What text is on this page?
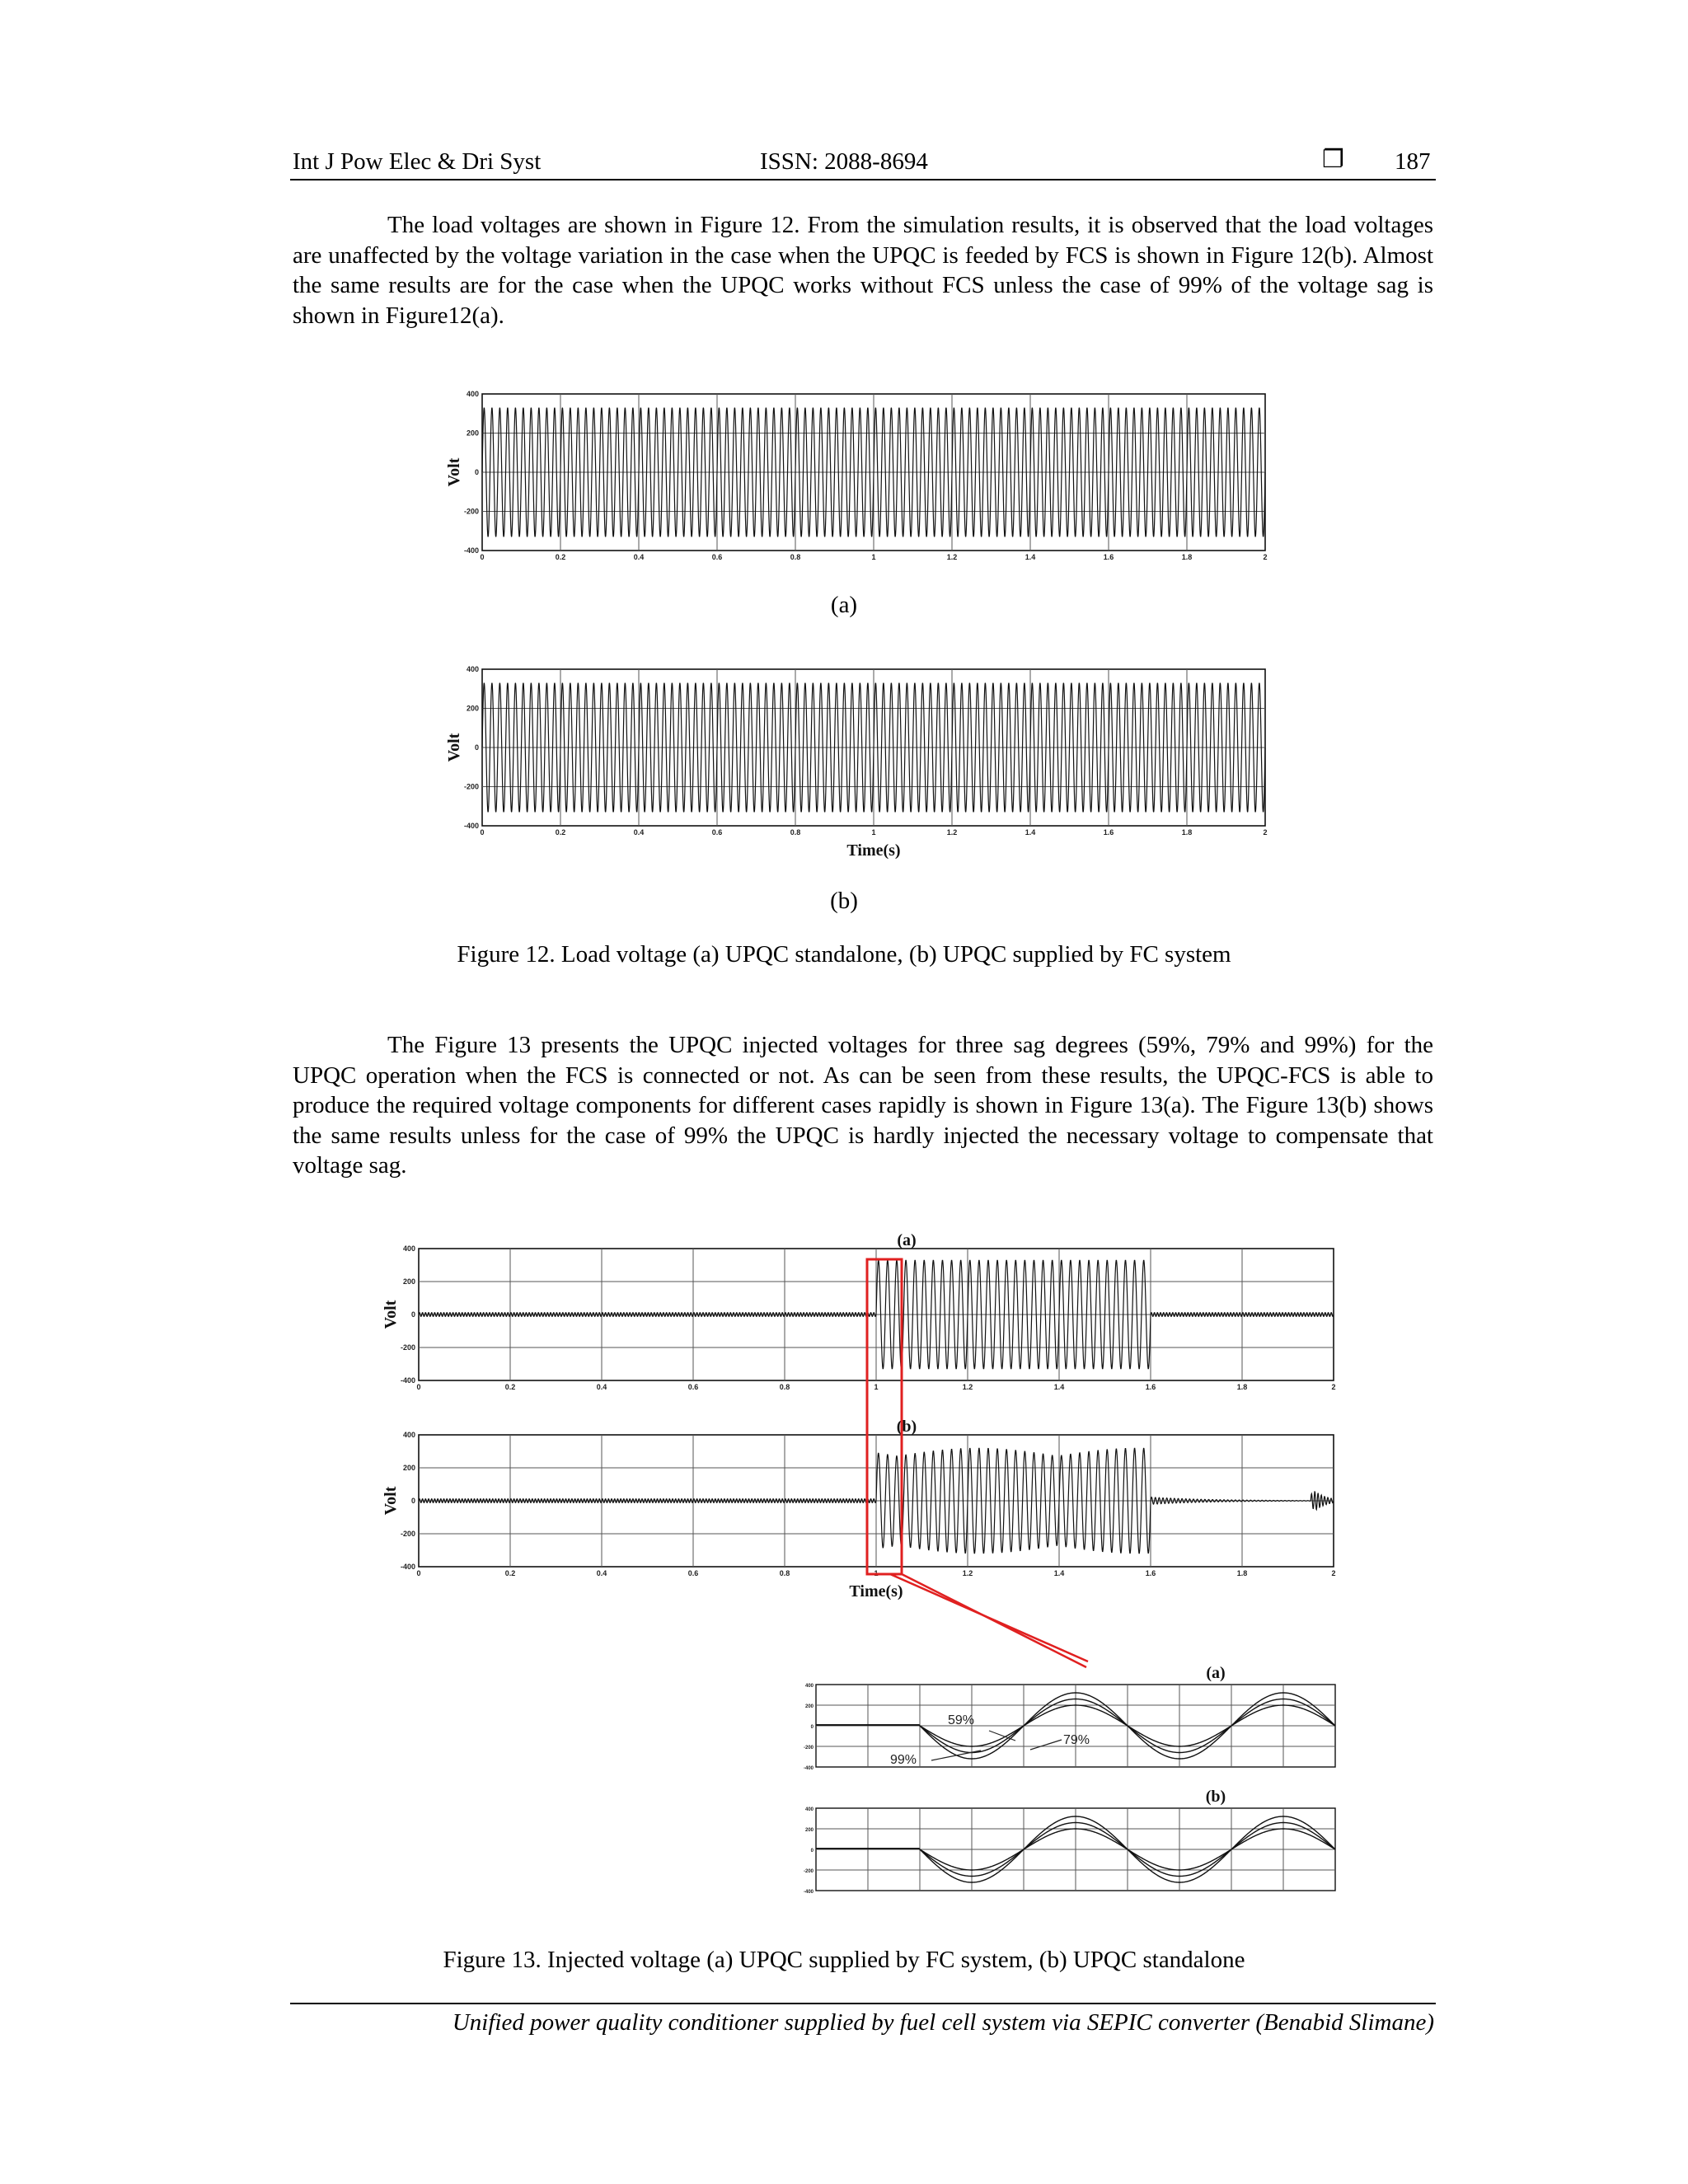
Int J Pow Elec & Dri Syst	ISSN: 2088-8694	❐ 187

The load voltages are shown in Figure 12. From the simulation results, it is observed that the load voltages are unaffected by the voltage variation in the case when the UPQC is feeded by FCS is shown in Figure 12(b). Almost the same results are for the case when the UPQC works without FCS unless the case of 99% of the voltage sag is shown in Figure12(a).

0	0.2	0.4	0.6	0.8	1	1.2	1.4	1.6	1.8	2
400
200
0
-200
-400
Volt
(a)
0	0.2	0.4	0.6	0.8	1	1.2	1.4	1.6	1.8	2
400
200
0
-200
-400
Volt
Time(s)
(b)
Figure 12. Load voltage (a) UPQC standalone, (b) UPQC supplied by FC system

The Figure 13 presents the UPQC injected voltages for three sag degrees (59%, 79% and 99%) for the UPQC operation when the FCS is connected or not. As can be seen from these results, the UPQC-FCS is able to produce the required voltage components for different cases rapidly is shown in Figure 13(a). The Figure 13(b) shows the same results unless for the case of 99% the UPQC is hardly injected the necessary voltage to compensate that voltage sag.

0	0.2	0.4	0.6	0.8	1	1.2	1.4	1.6	1.8	2
400
200
0
-200
-400
Volt
(a)
0	0.2	0.4	0.6	0.8	1	1.2	1.4	1.6	1.8	2
400
200
0
-200
-400
Volt
Time(s)
(b)
400
200
0
-200
-400
(a)
59%
79%
99%
400
200
0
-200
-400
(b)
Figure 13. Injected voltage (a) UPQC supplied by FC system, (b) UPQC standalone
Unified power quality conditioner supplied by fuel cell system via SEPIC converter (Benabid Slimane)
